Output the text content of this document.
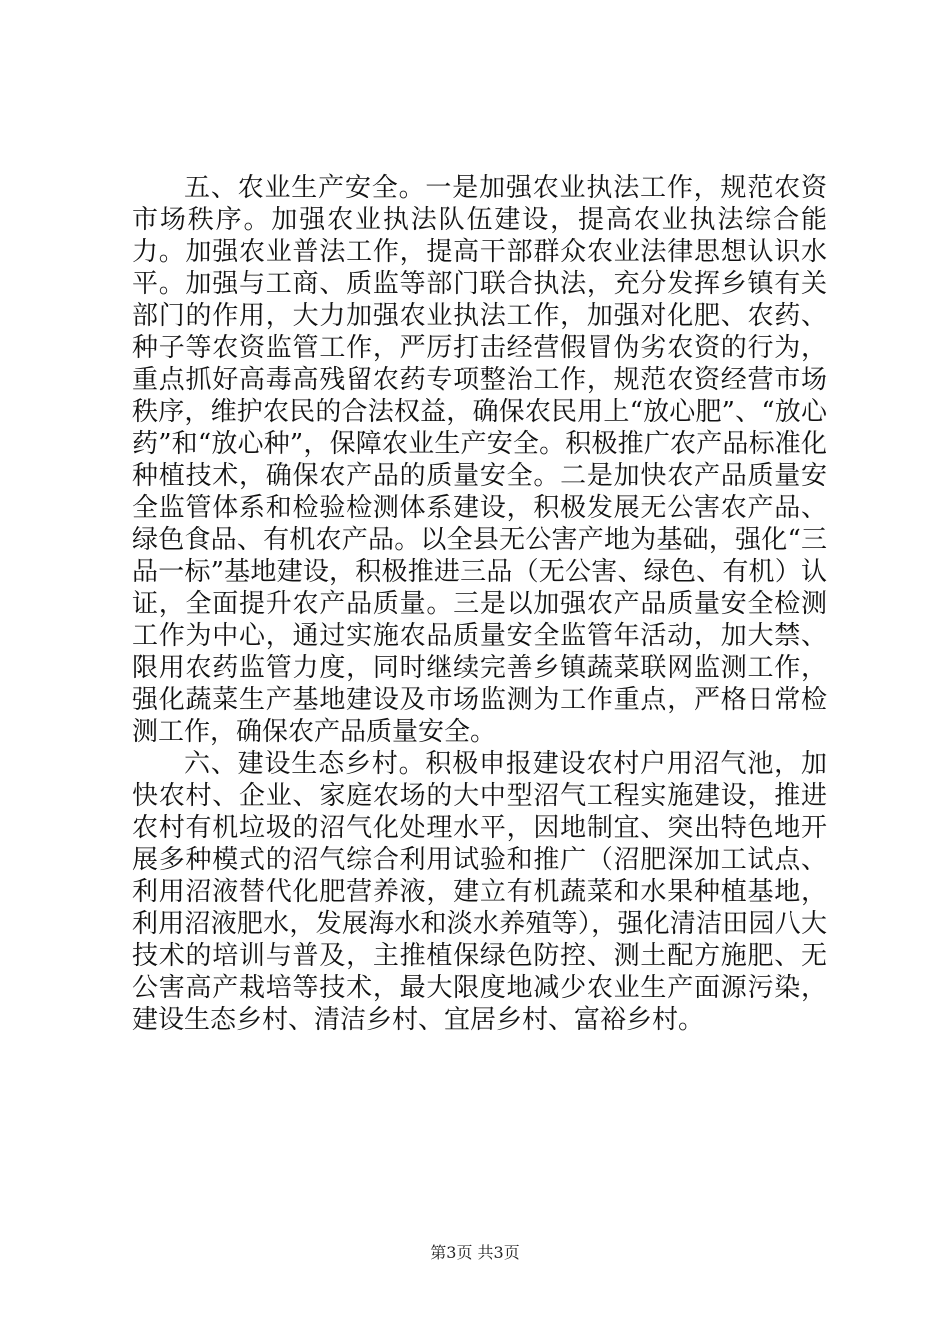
五、农业生产安全。一是加强农业执法工作，规范农资市场秩序。加强农业执法队伍建设，提高农业执法综合能力。加强农业普法工作，提高干部群众农业法律思想认识水平。加强与工商、质监等部门联合执法，充分发挥乡镇有关部门的作用，大力加强农业执法工作，加强对化肥、农药、种子等农资监管工作，严厉打击经营假冒伪劣农资的行为，重点抓好高毒高残留农药专项整治工作，规范农资经营市场秩序，维护农民的合法权益，确保农民用上“放心肥”、“放心药”和“放心种”，保障农业生产安全。积极推广农产品标准化种植技术，确保农产品的质量安全。二是加快农产品质量安全监管体系和检验检测体系建设，积极发展无公害农产品、绿色食品、有机农产品。以全县无公害产地为基础，强化“三品一标”基地建设，积极推进三品（无公害、绿色、有机）认证，全面提升农产品质量。三是以加强农产品质量安全检测工作为中心，通过实施农品质量安全监管年活动，加大禁、限用农药监管力度，同时继续完善乡镇蔬菜联网监测工作，强化蔬菜生产基地建设及市场监测为工作重点，严格日常检测工作，确保农产品质量安全。

六、建设生态乡村。积极申报建设农村户用沼气池，加快农村、企业、家庭农场的大中型沼气工程实施建设，推进农村有机垃圾的沼气化处理水平，因地制宜、突出特色地开展多种模式的沼气综合利用试验和推广（沼肥深加工试点、利用沼液替代化肥营养液，建立有机蔬菜和水果种植基地，利用沼液肥水，发展海水和淡水养殖等），强化清洁田园八大技术的培训与普及，主推植保绿色防控、测土配方施肥、无公害高产栽培等技术，最大限度地减少农业生产面源污染，建设生态乡村、清洁乡村、宜居乡村、富裕乡村。

第3页 共3页
